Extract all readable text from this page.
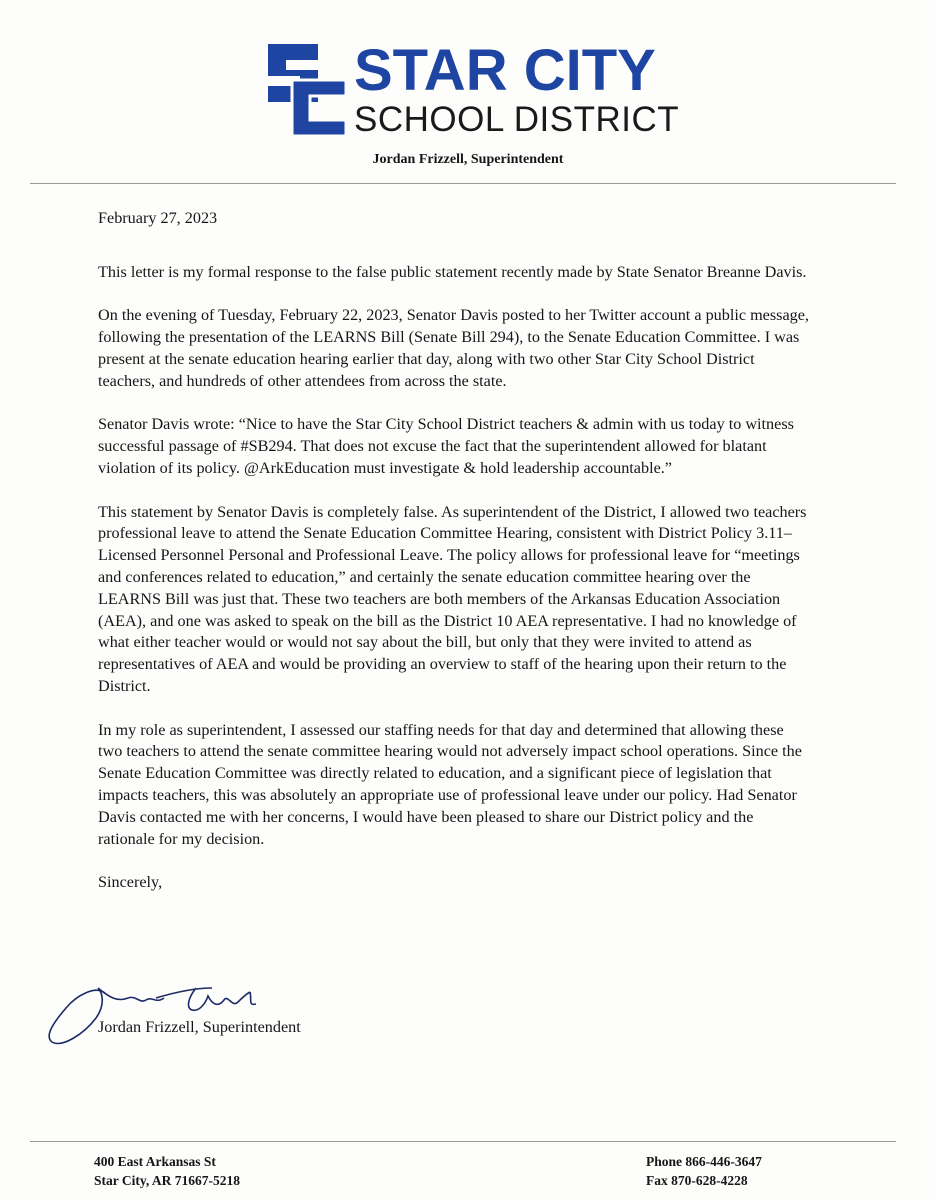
STAR CITY
SCHOOL DISTRICT
Jordan Frizzell, Superintendent

February 27, 2023

This letter is my formal response to the false public statement recently made by State Senator Breanne Davis.

On the evening of Tuesday, February 22, 2023, Senator Davis posted to her Twitter account a public message, following the presentation of the LEARNS Bill (Senate Bill 294), to the Senate Education Committee. I was present at the senate education hearing earlier that day, along with two other Star City School District teachers, and hundreds of other attendees from across the state.

Senator Davis wrote: “Nice to have the Star City School District teachers & admin with us today to witness successful passage of #SB294. That does not excuse the fact that the superintendent allowed for blatant violation of its policy. @ArkEducation must investigate & hold leadership accountable.”

This statement by Senator Davis is completely false. As superintendent of the District, I allowed two teachers professional leave to attend the Senate Education Committee Hearing, consistent with District Policy 3.11–Licensed Personnel Personal and Professional Leave. The policy allows for professional leave for “meetings and conferences related to education,” and certainly the senate education committee hearing over the LEARNS Bill was just that. These two teachers are both members of the Arkansas Education Association (AEA), and one was asked to speak on the bill as the District 10 AEA representative. I had no knowledge of what either teacher would or would not say about the bill, but only that they were invited to attend as representatives of AEA and would be providing an overview to staff of the hearing upon their return to the District.

In my role as superintendent, I assessed our staffing needs for that day and determined that allowing these two teachers to attend the senate committee hearing would not adversely impact school operations. Since the Senate Education Committee was directly related to education, and a significant piece of legislation that impacts teachers, this was absolutely an appropriate use of professional leave under our policy. Had Senator Davis contacted me with her concerns, I would have been pleased to share our District policy and the rationale for my decision.

Sincerely,

Jordan Frizzell, Superintendent
400 East Arkansas St
Star City, AR 71667-5218
Phone 866-446-3647
Fax 870-628-4228
